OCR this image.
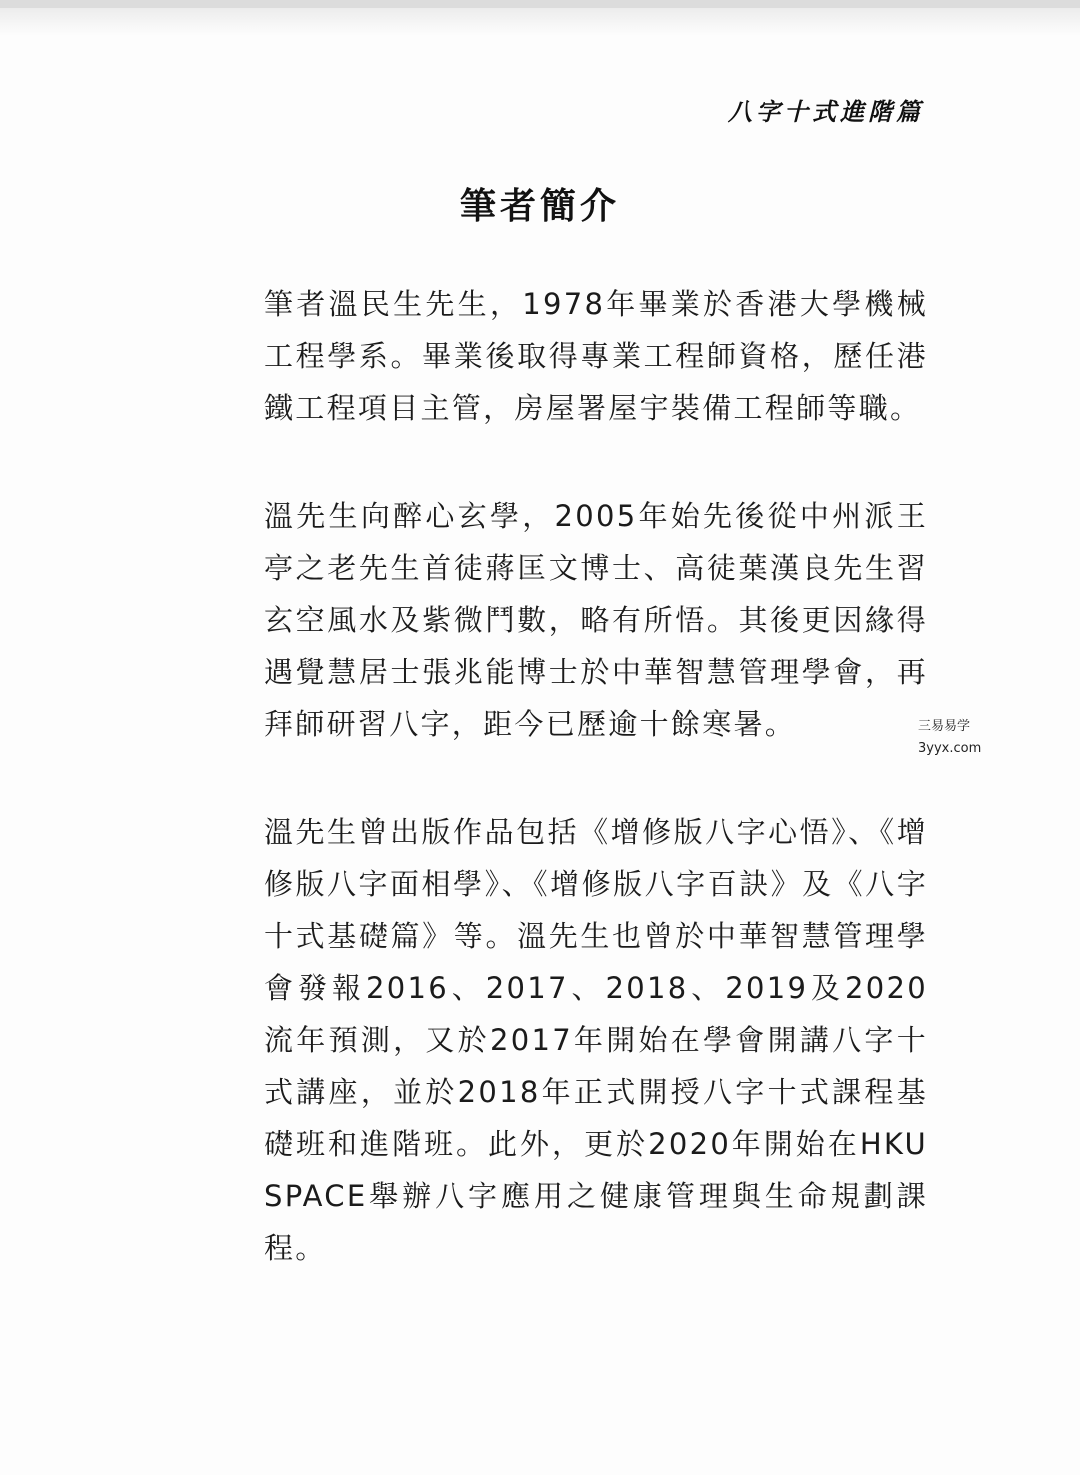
八字十式進階篇
筆者簡介

筆者溫民生先生，1978年畢業於香港大學機械工程學系。畢業後取得專業工程師資格，歷任港鐵工程項目主管，房屋署屋宇裝備工程師等職。

溫先生向醉心玄學，2005年始先後從中州派王亭之老先生首徒蔣匡文博士、高徒葉漢良先生習玄空風水及紫微鬥數，略有所悟。其後更因緣得遇覺慧居士張兆能博士於中華智慧管理學會，再拜師研習八字，距今已歷逾十餘寒暑。

溫先生曾出版作品包括《增修版八字心悟》、《增修版八字面相學》、《增修版八字百訣》及《八字十式基礎篇》等。溫先生也曾於中華智慧管理學會發報2016、2017、2018、2019及2020流年預測，又於2017年開始在學會開講八字十式講座，並於2018年正式開授八字十式課程基礎班和進階班。此外，更於2020年開始在HKU SPACE舉辦八字應用之健康管理與生命規劃課程。

三易易学
3yyx.com
